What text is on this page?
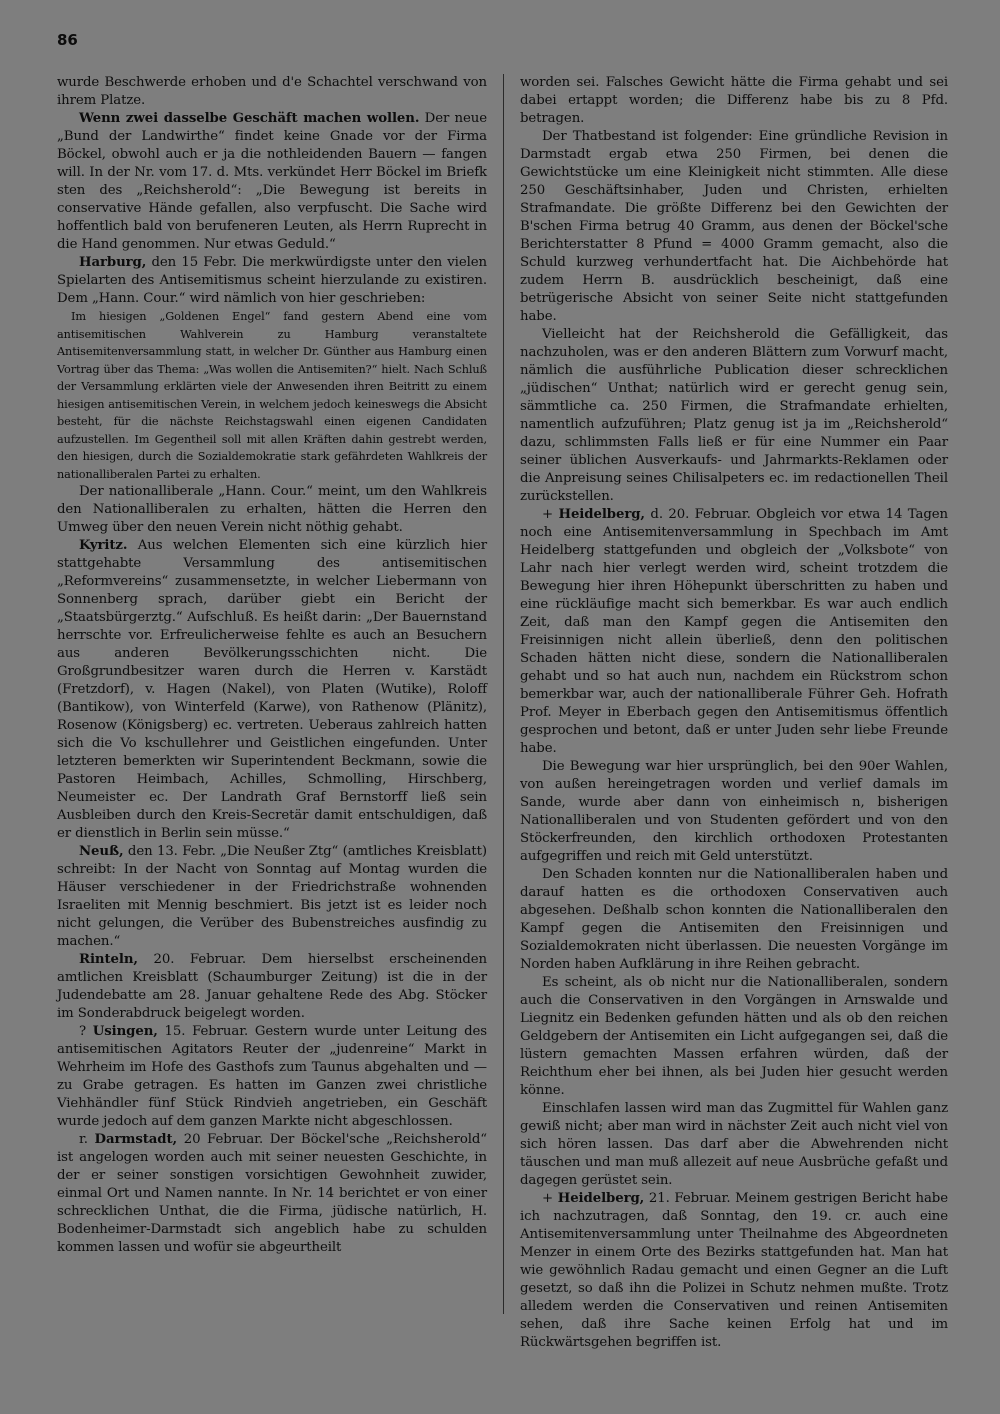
86

wurde Beschwerde erhoben und d'e Schachtel verschwand von ihrem Platze.

Wenn zwei dasselbe Geschäft machen wollen. Der neue „Bund der Landwirthe“ findet keine Gnade vor der Firma Böckel, obwohl auch er ja die nothleidenden Bauern — fangen will. In der Nr. vom 17. d. Mts. verkündet Herr Böckel im Briefk sten des „Reichsherold“: „Die Bewegung ist bereits in conservative Hände gefallen, also verpfuscht. Die Sache wird hoffentlich bald von berufeneren Leuten, als Herrn Ruprecht in die Hand genommen. Nur etwas Geduld.“

Harburg, den 15 Febr. Die merkwürdigste unter den vielen Spielarten des Antisemitismus scheint hierzulande zu existiren. Dem „Hann. Cour.“ wird nämlich von hier geschrieben:

Im hiesigen „Goldenen Engel“ fand gestern Abend eine vom antisemitischen Wahlverein zu Hamburg veranstaltete Antisemitenversammlung statt, in welcher Dr. Günther aus Hamburg einen Vortrag über das Thema: „Was wollen die Antisemiten?“ hielt. Nach Schluß der Versammlung erklärten viele der Anwesenden ihren Beitritt zu einem hiesigen antisemitischen Verein, in welchem jedoch keineswegs die Absicht besteht, für die nächste Reichstagswahl einen eigenen Candidaten aufzustellen. Im Gegentheil soll mit allen Kräften dahin gestrebt werden, den hiesigen, durch die Sozialdemokratie stark gefährdeten Wahlkreis der nationalliberalen Partei zu erhalten.

Der nationalliberale „Hann. Cour.“ meint, um den Wahlkreis den Nationalliberalen zu erhalten, hätten die Herren den Umweg über den neuen Verein nicht nöthig gehabt.

Kyritz. Aus welchen Elementen sich eine kürzlich hier stattgehabte Versammlung des antisemitischen „Reformvereins“ zusammensetzte, in welcher Liebermann von Sonnenberg sprach, darüber giebt ein Bericht der „Staatsbürgerztg.“ Aufschluß. Es heißt darin: „Der Bauernstand herrschte vor. Erfreulicherweise fehlte es auch an Besuchern aus anderen Bevölkerungsschichten nicht. Die Großgrundbesitzer waren durch die Herren v. Karstädt (Fretzdorf), v. Hagen (Nakel), von Platen (Wutike), Roloff (Bantikow), von Winterfeld (Karwe), von Rathenow (Plänitz), Rosenow (Königsberg) ec. vertreten. Ueberaus zahlreich hatten sich die Vo kschullehrer und Geistlichen eingefunden. Unter letzteren bemerkten wir Superintendent Beckmann, sowie die Pastoren Heimbach, Achilles, Schmolling, Hirschberg, Neumeister ec. Der Landrath Graf Bernstorff ließ sein Ausbleiben durch den Kreis-Secretär damit entschuldigen, daß er dienstlich in Berlin sein müsse.“

Neuß, den 13. Febr. „Die Neußer Ztg“ (amtliches Kreisblatt) schreibt: In der Nacht von Sonntag auf Montag wurden die Häuser verschiedener in der Friedrichstraße wohnenden Israeliten mit Mennig beschmiert. Bis jetzt ist es leider noch nicht gelungen, die Verüber des Bubenstreiches ausfindig zu machen.“

Rinteln, 20. Februar. Dem hierselbst erscheinenden amtlichen Kreisblatt (Schaumburger Zeitung) ist die in der Judendebatte am 28. Januar gehaltene Rede des Abg. Stöcker im Sonderabdruck beigelegt worden.

? Usingen, 15. Februar. Gestern wurde unter Leitung des antisemitischen Agitators Reuter der „judenreine“ Markt in Wehrheim im Hofe des Gasthofs zum Taunus abgehalten und — zu Grabe getragen. Es hatten im Ganzen zwei christliche Viehhändler fünf Stück Rindvieh angetrieben, ein Geschäft wurde jedoch auf dem ganzen Markte nicht abgeschlossen.

r. Darmstadt, 20 Februar. Der Böckel'sche „Reichsherold“ ist angelogen worden auch mit seiner neuesten Geschichte, in der er seiner sonstigen vorsichtigen Gewohnheit zuwider, einmal Ort und Namen nannte. In Nr. 14 berichtet er von einer schrecklichen Unthat, die die Firma, jüdische natürlich, H. Bodenheimer-Darmstadt sich angeblich habe zu schulden kommen lassen und wofür sie abgeurtheilt

worden sei. Falsches Gewicht hätte die Firma gehabt und sei dabei ertappt worden; die Differenz habe bis zu 8 Pfd. betragen.

Der Thatbestand ist folgender: Eine gründliche Revision in Darmstadt ergab etwa 250 Firmen, bei denen die Gewichtstücke um eine Kleinigkeit nicht stimmten. Alle diese 250 Geschäftsinhaber, Juden und Christen, erhielten Strafmandate. Die größte Differenz bei den Gewichten der B'schen Firma betrug 40 Gramm, aus denen der Böckel'sche Berichterstatter 8 Pfund = 4000 Gramm gemacht, also die Schuld kurzweg verhundertfacht hat. Die Aichbehörde hat zudem Herrn B. ausdrücklich bescheinigt, daß eine betrügerische Absicht von seiner Seite nicht stattgefunden habe.

Vielleicht hat der Reichsherold die Gefälligkeit, das nachzuholen, was er den anderen Blättern zum Vorwurf macht, nämlich die ausführliche Publication dieser schrecklichen „jüdischen“ Unthat; natürlich wird er gerecht genug sein, sämmtliche ca. 250 Firmen, die Strafmandate erhielten, namentlich aufzuführen; Platz genug ist ja im „Reichsherold“ dazu, schlimmsten Falls ließ er für eine Nummer ein Paar seiner üblichen Ausverkaufs- und Jahrmarkts-Reklamen oder die Anpreisung seines Chilisalpeters ec. im redactionellen Theil zurückstellen.

+ Heidelberg, d. 20. Februar. Obgleich vor etwa 14 Tagen noch eine Antisemitenversammlung in Spechbach im Amt Heidelberg stattgefunden und obgleich der „Volksbote“ von Lahr nach hier verlegt werden wird, scheint trotzdem die Bewegung hier ihren Höhepunkt überschritten zu haben und eine rückläufige macht sich bemerkbar. Es war auch endlich Zeit, daß man den Kampf gegen die Antisemiten den Freisinnigen nicht allein überließ, denn den politischen Schaden hätten nicht diese, sondern die Nationalliberalen gehabt und so hat auch nun, nachdem ein Rückstrom schon bemerkbar war, auch der nationalliberale Führer Geh. Hofrath Prof. Meyer in Eberbach gegen den Antisemitismus öffentlich gesprochen und betont, daß er unter Juden sehr liebe Freunde habe.

Die Bewegung war hier ursprünglich, bei den 90er Wahlen, von außen hereingetragen worden und verlief damals im Sande, wurde aber dann von einheimisch n, bisherigen Nationalliberalen und von Studenten gefördert und von den Stöckerfreunden, den kirchlich orthodoxen Protestanten aufgegriffen und reich mit Geld unterstützt.

Den Schaden konnten nur die Nationalliberalen haben und darauf hatten es die orthodoxen Conservativen auch abgesehen. Deßhalb schon konnten die Nationalliberalen den Kampf gegen die Antisemiten den Freisinnigen und Sozialdemokraten nicht überlassen. Die neuesten Vorgänge im Norden haben Aufklärung in ihre Reihen gebracht.

Es scheint, als ob nicht nur die Nationalliberalen, sondern auch die Conservativen in den Vorgängen in Arnswalde und Liegnitz ein Bedenken gefunden hätten und als ob den reichen Geldgebern der Antisemiten ein Licht aufgegangen sei, daß die lüstern gemachten Massen erfahren würden, daß der Reichthum eher bei ihnen, als bei Juden hier gesucht werden könne.

Einschlafen lassen wird man das Zugmittel für Wahlen ganz gewiß nicht; aber man wird in nächster Zeit auch nicht viel von sich hören lassen. Das darf aber die Abwehrenden nicht täuschen und man muß allezeit auf neue Ausbrüche gefaßt und dagegen gerüstet sein.

+ Heidelberg, 21. Februar. Meinem gestrigen Bericht habe ich nachzutragen, daß Sonntag, den 19. cr. auch eine Antisemitenversammlung unter Theilnahme des Abgeordneten Menzer in einem Orte des Bezirks stattgefunden hat. Man hat wie gewöhnlich Radau gemacht und einen Gegner an die Luft gesetzt, so daß ihn die Polizei in Schutz nehmen mußte. Trotz alledem werden die Conservativen und reinen Antisemiten sehen, daß ihre Sache keinen Erfolg hat und im Rückwärtsgehen begriffen ist.
